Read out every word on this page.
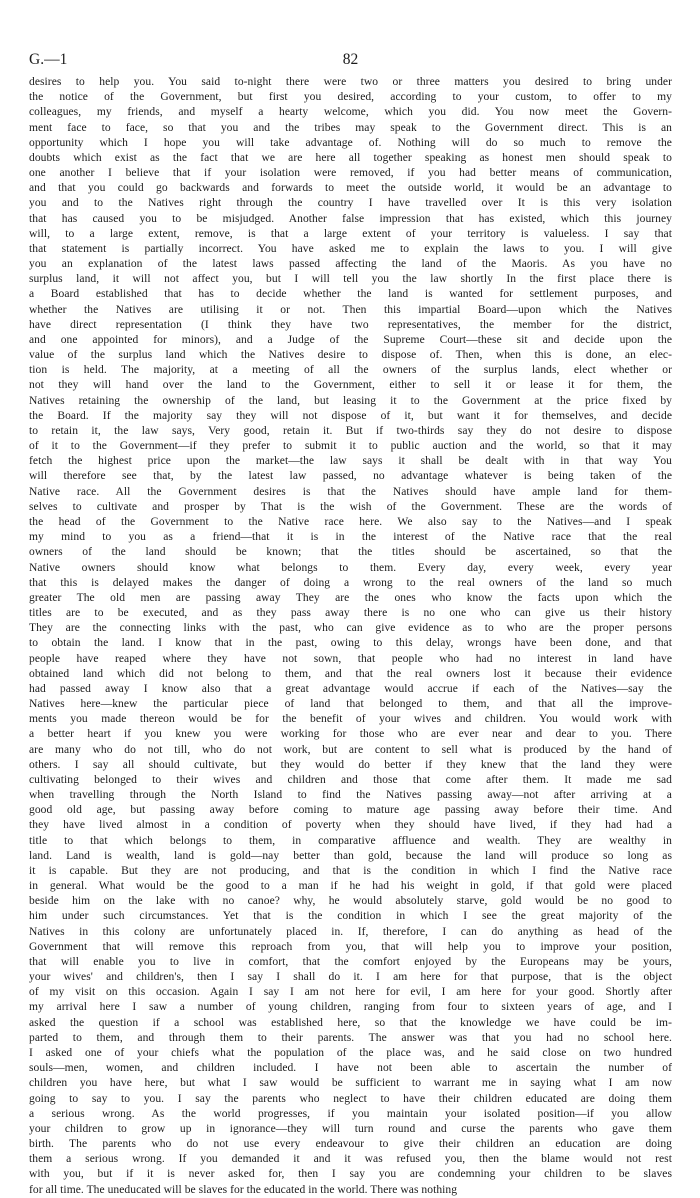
G.—1	82
desires to help you. You said to-night there were two or three matters you desired to bring under
the notice of the Government, but first you desired, according to your custom, to offer to my
colleagues, my friends, and myself a hearty welcome, which you did. You now meet the Govern-
ment face to face, so that you and the tribes may speak to the Government direct. This is an
opportunity which I hope you will take advantage of. Nothing will do so much to remove the
doubts which exist as the fact that we are here all together speaking as honest men should speak to
one another I believe that if your isolation were removed, if you had better means of communication,
and that you could go backwards and forwards to meet the outside world, it would be an advantage to
you and to the Natives right through the country I have travelled over It is this very isolation
that has caused you to be misjudged. Another false impression that has existed, which this journey
will, to a large extent, remove, is that a large extent of your territory is valueless. I say that
that statement is partially incorrect. You have asked me to explain the laws to you. I will give
you an explanation of the latest laws passed affecting the land of the Maoris. As you have no
surplus land, it will not affect you, but I will tell you the law shortly In the first place there is
a Board established that has to decide whether the land is wanted for settlement purposes, and
whether the Natives are utilising it or not. Then this impartial Board—upon which the Natives
have direct representation (I think they have two representatives, the member for the district,
and one appointed for minors), and a Judge of the Supreme Court—these sit and decide upon the
value of the surplus land which the Natives desire to dispose of. Then, when this is done, an elec-
tion is held. The majority, at a meeting of all the owners of the surplus lands, elect whether or
not they will hand over the land to the Government, either to sell it or lease it for them, the
Natives retaining the ownership of the land, but leasing it to the Government at the price fixed by
the Board. If the majority say they will not dispose of it, but want it for themselves, and decide
to retain it, the law says, Very good, retain it. But if two-thirds say they do not desire to dispose
of it to the Government—if they prefer to submit it to public auction and the world, so that it may
fetch the highest price upon the market—the law says it shall be dealt with in that way You
will therefore see that, by the latest law passed, no advantage whatever is being taken of the
Native race. All the Government desires is that the Natives should have ample land for them-
selves to cultivate and prosper by That is the wish of the Government. These are the words of
the head of the Government to the Native race here. We also say to the Natives—and I speak
my mind to you as a friend—that it is in the interest of the Native race that the real
owners of the land should be known; that the titles should be ascertained, so that the
Native owners should know what belongs to them. Every day, every week, every year
that this is delayed makes the danger of doing a wrong to the real owners of the land so much
greater The old men are passing away They are the ones who know the facts upon which the
titles are to be executed, and as they pass away there is no one who can give us their history
They are the connecting links with the past, who can give evidence as to who are the proper persons
to obtain the land. I know that in the past, owing to this delay, wrongs have been done, and that
people have reaped where they have not sown, that people who had no interest in land have
obtained land which did not belong to them, and that the real owners lost it because their evidence
had passed away I know also that a great advantage would accrue if each of the Natives—say the
Natives here—knew the particular piece of land that belonged to them, and that all the improve-
ments you made thereon would be for the benefit of your wives and children. You would work with
a better heart if you knew you were working for those who are ever near and dear to you. There
are many who do not till, who do not work, but are content to sell what is produced by the hand of
others. I say all should cultivate, but they would do better if they knew that the land they were
cultivating belonged to their wives and children and those that come after them. It made me sad
when travelling through the North Island to find the Natives passing away—not after arriving at a
good old age, but passing away before coming to mature age passing away before their time. And
they have lived almost in a condition of poverty when they should have lived, if they had had a
title to that which belongs to them, in comparative affluence and wealth. They are wealthy in
land. Land is wealth, land is gold—nay better than gold, because the land will produce so long as
it is capable. But they are not producing, and that is the condition in which I find the Native race
in general. What would be the good to a man if he had his weight in gold, if that gold were placed
beside him on the lake with no canoe? why, he would absolutely starve, gold would be no good to
him under such circumstances. Yet that is the condition in which I see the great majority of the
Natives in this colony are unfortunately placed in. If, therefore, I can do anything as head of the
Government that will remove this reproach from you, that will help you to improve your position,
that will enable you to live in comfort, that the comfort enjoyed by the Europeans may be yours,
your wives' and children's, then I say I shall do it. I am here for that purpose, that is the object
of my visit on this occasion. Again I say I am not here for evil, I am here for your good. Shortly after
my arrival here I saw a number of young children, ranging from four to sixteen years of age, and I
asked the question if a school was established here, so that the knowledge we have could be im-
parted to them, and through them to their parents. The answer was that you had no school here.
I asked one of your chiefs what the population of the place was, and he said close on two hundred
souls—men, women, and children included. I have not been able to ascertain the number of
children you have here, but what I saw would be sufficient to warrant me in saying what I am now
going to say to you. I say the parents who neglect to have their children educated are doing them
a serious wrong. As the world progresses, if you maintain your isolated position—if you allow
your children to grow up in ignorance—they will turn round and curse the parents who gave them
birth. The parents who do not use every endeavour to give their children an education are doing
them a serious wrong. If you demanded it and it was refused you, then the blame would not rest
with you, but if it is never asked for, then I say you are condemning your children to be slaves
for all time. The uneducated will be slaves for the educated in the world. There was nothing
